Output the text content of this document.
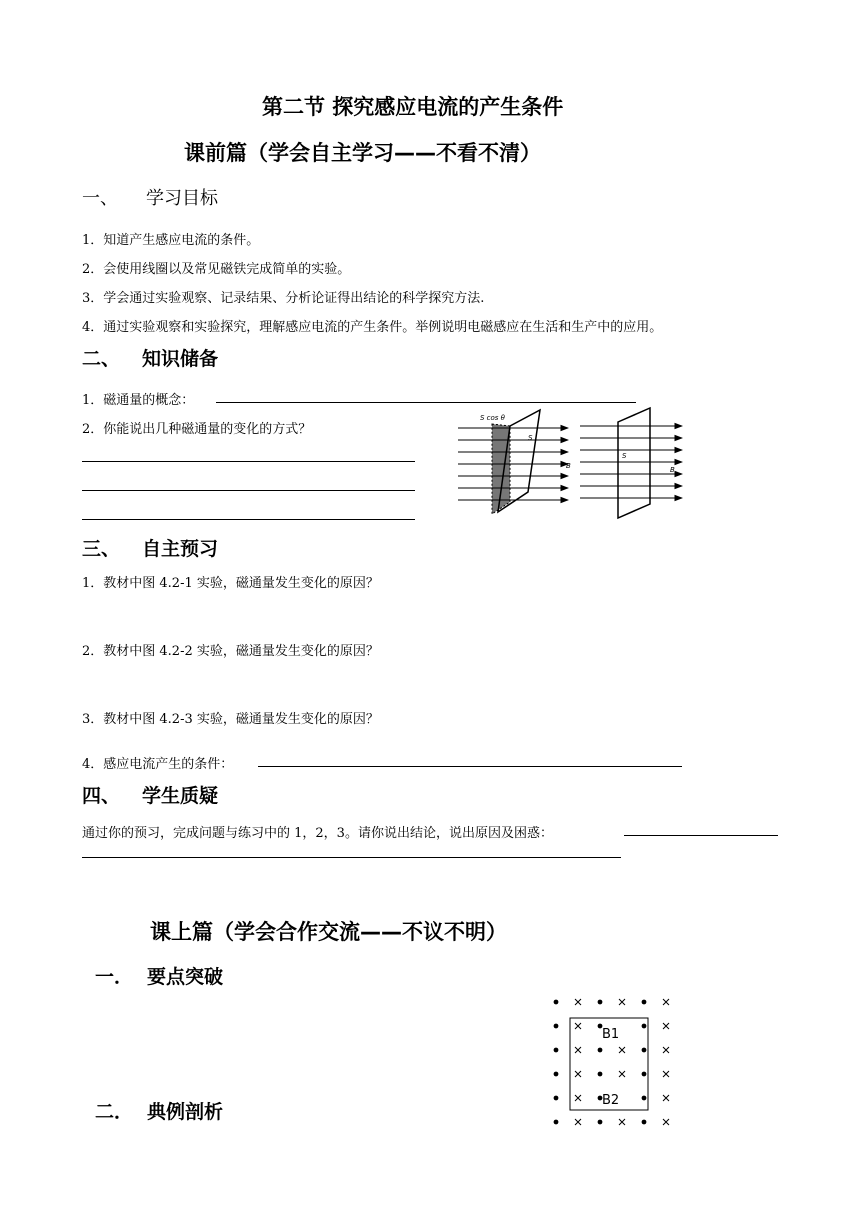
第二节 探究感应电流的产生条件
课前篇（学会自主学习——不看不清）
一、 学习目标
1．知道产生感应电流的条件。
2．会使用线圈以及常见磁铁完成简单的实验。
3．学会通过实验观察、记录结果、分析论证得出结论的科学探究方法.
4．通过实验观察和实验探究，理解感应电流的产生条件。举例说明电磁感应在生活和生产中的应用。
二、 知识储备
1．磁通量的概念：
2．你能说出几种磁通量的变化的方式？
S cos θ
S
B
S
B
三、 自主预习
1．教材中图 4.2-1 实验，磁通量发生变化的原因？
2．教材中图 4.2-2 实验，磁通量发生变化的原因？
3．教材中图 4.2-3 实验，磁通量发生变化的原因？
4．感应电流产生的条件：
四、 学生质疑
通过你的预习，完成问题与练习中的 1，2，3。请你说出结论，说出原因及困惑：
课上篇（学会合作交流——不议不明）
一． 要点突破
二． 典例剖析
B1
B2
